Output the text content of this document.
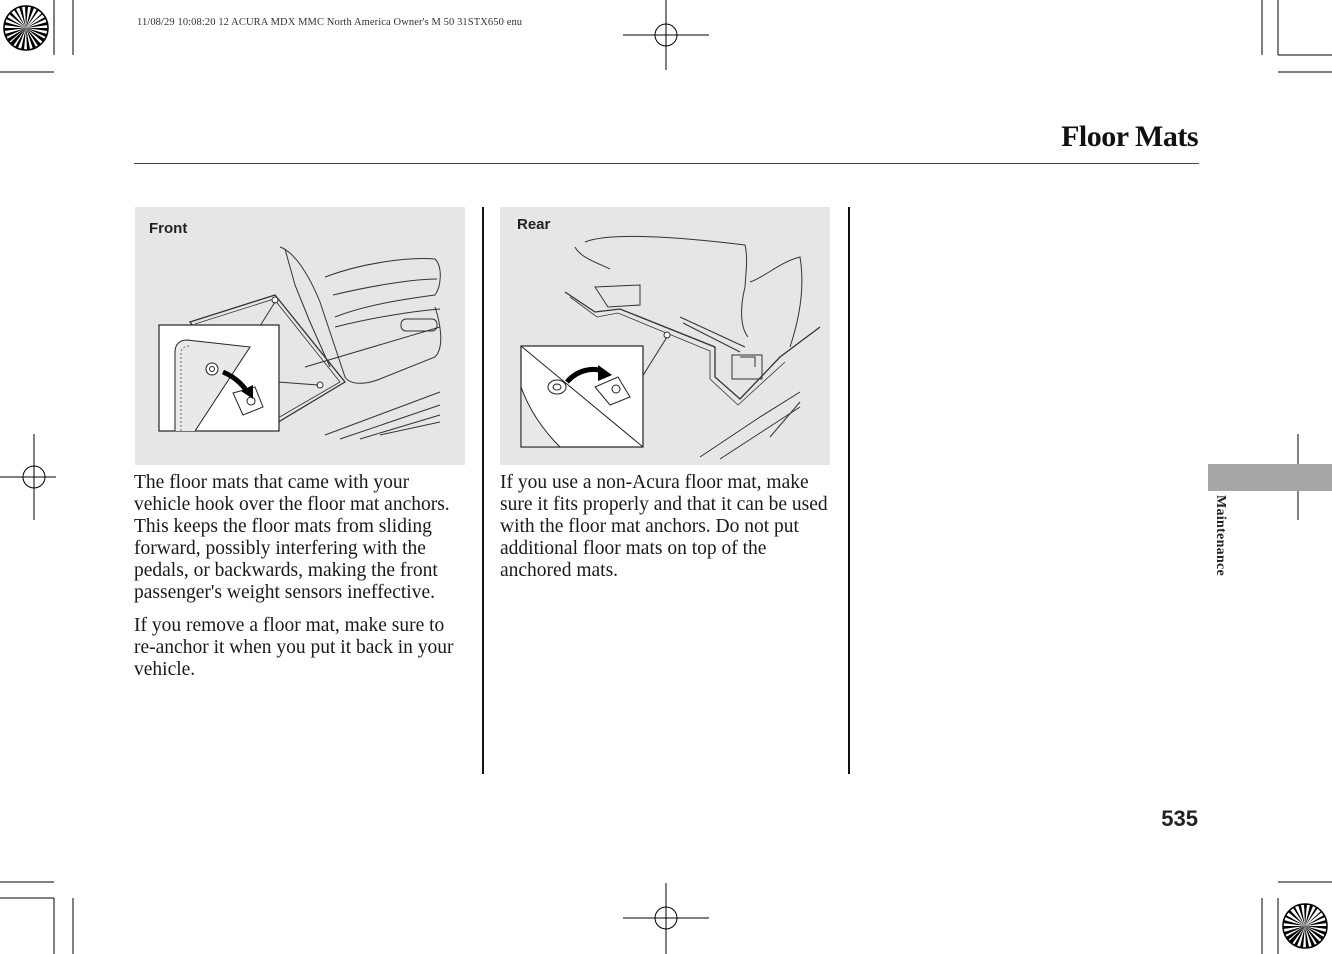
11/08/29 10:08:20 12 ACURA MDX MMC North America Owner's M 50 31STX650 enu
Floor Mats
Front	Rear

The floor mats that came with your vehicle hook over the floor mat anchors. This keeps the floor mats from sliding forward, possibly interfering with the pedals, or backwards, making the front passenger's weight sensors ineffective.

If you remove a floor mat, make sure to re-anchor it when you put it back in your vehicle.

If you use a non-Acura floor mat, make sure it fits properly and that it can be used with the floor mat anchors. Do not put additional floor mats on top of the anchored mats.	Maintenance
535
